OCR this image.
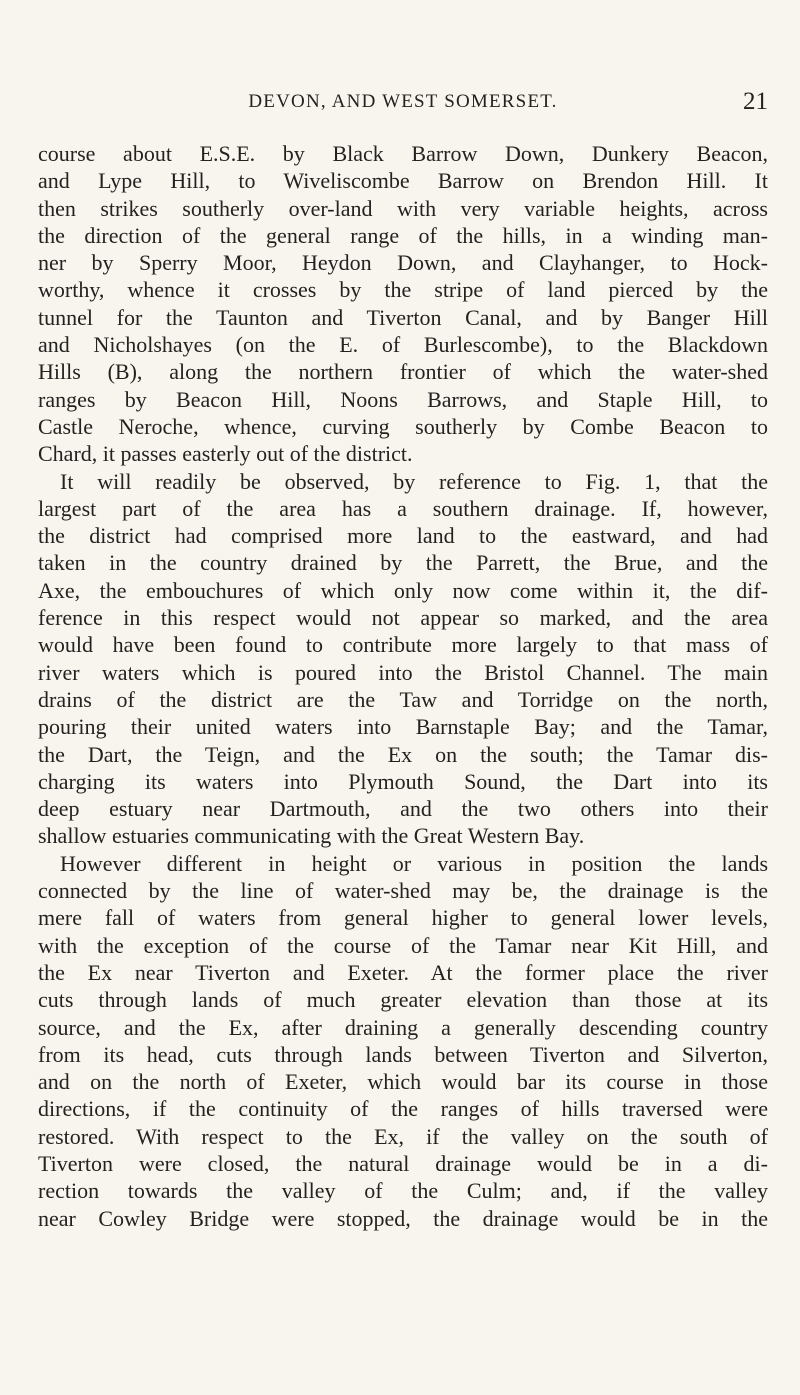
DEVON, AND WEST SOMERSET.	21
course about E.S.E. by Black Barrow Down, Dunkery Beacon,
and Lype Hill, to Wiveliscombe Barrow on Brendon Hill. It
then strikes southerly over-land with very variable heights, across
the direction of the general range of the hills, in a winding man-
ner by Sperry Moor, Heydon Down, and Clayhanger, to Hock-
worthy, whence it crosses by the stripe of land pierced by the
tunnel for the Taunton and Tiverton Canal, and by Banger Hill
and Nicholshayes (on the E. of Burlescombe), to the Blackdown
Hills (B), along the northern frontier of which the water-shed
ranges by Beacon Hill, Noons Barrows, and Staple Hill, to
Castle Neroche, whence, curving southerly by Combe Beacon to
Chard, it passes easterly out of the district.
It will readily be observed, by reference to Fig. 1, that the
largest part of the area has a southern drainage. If, however,
the district had comprised more land to the eastward, and had
taken in the country drained by the Parrett, the Brue, and the
Axe, the embouchures of which only now come within it, the dif-
ference in this respect would not appear so marked, and the area
would have been found to contribute more largely to that mass of
river waters which is poured into the Bristol Channel. The main
drains of the district are the Taw and Torridge on the north,
pouring their united waters into Barnstaple Bay; and the Tamar,
the Dart, the Teign, and the Ex on the south; the Tamar dis-
charging its waters into Plymouth Sound, the Dart into its
deep estuary near Dartmouth, and the two others into their
shallow estuaries communicating with the Great Western Bay.
However different in height or various in position the lands
connected by the line of water-shed may be, the drainage is the
mere fall of waters from general higher to general lower levels,
with the exception of the course of the Tamar near Kit Hill, and
the Ex near Tiverton and Exeter. At the former place the river
cuts through lands of much greater elevation than those at its
source, and the Ex, after draining a generally descending country
from its head, cuts through lands between Tiverton and Silverton,
and on the north of Exeter, which would bar its course in those
directions, if the continuity of the ranges of hills traversed were
restored. With respect to the Ex, if the valley on the south of
Tiverton were closed, the natural drainage would be in a di-
rection towards the valley of the Culm; and, if the valley
near Cowley Bridge were stopped, the drainage would be in the
